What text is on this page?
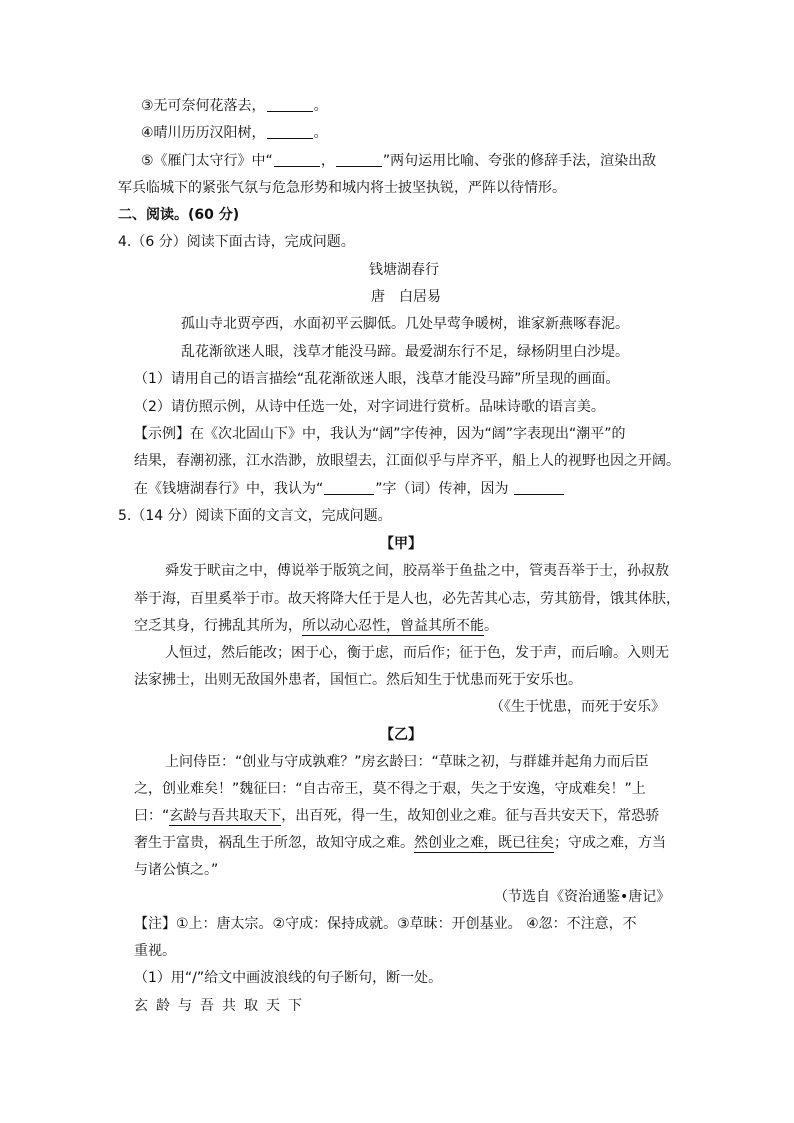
③无可奈何花落去，	。
④晴川历历汉阳树，	。
⑤《雁门太守行》中“	，	”两句运用比喻、夸张的修辞手法，渲染出敌
军兵临城下的紧张气氛与危急形势和城内将士披坚执锐，严阵以待情形。
二、阅读。(60 分)
4.（6 分）阅读下面古诗，完成问题。
钱塘湖春行
唐　白居易
孤山寺北贾亭西，水面初平云脚低。几处早莺争暖树，谁家新燕啄春泥。
乱花渐欲迷人眼，浅草才能没马蹄。最爱湖东行不足，绿杨阴里白沙堤。
（1）请用自己的语言描绘“乱花渐欲迷人眼，浅草才能没马蹄”所呈现的画面。
（2）请仿照示例，从诗中任选一处，对字词进行赏析。品味诗歌的语言美。
【示例】在《次北固山下》中，我认为“阔”字传神，因为“阔”字表现出“潮平”的
结果，春潮初涨，江水浩渺，放眼望去，江面似乎与岸齐平，船上人的视野也因之开阔。
在《钱塘湖春行》中，我认为“	”字（词）传神，因为
5.（14 分）阅读下面的文言文，完成问题。
【甲】
舜发于畎亩之中，傅说举于版筑之间，胶鬲举于鱼盐之中，管夷吾举于士，孙叔敖
举于海，百里奚举于市。故天将降大任于是人也，必先苦其心志，劳其筋骨，饿其体肤，
空乏其身，行拂乱其所为，所以动心忍性，曾益其所不能。
人恒过，然后能改；困于心，衡于虑，而后作；征于色，发于声，而后喻。入则无
法家拂士，出则无敌国外患者，国恒亡。然后知生于忧患而死于安乐也。
（《生于忧患，而死于安乐》
【乙】
上问侍臣：“创业与守成孰难？”房玄龄曰：“草昧之初，与群雄并起角力而后臣
之，创业难矣！”魏征曰：“自古帝王，莫不得之于艰，失之于安逸，守成难矣！”上
曰：“玄龄与吾共取天下，出百死，得一生，故知创业之难。征与吾共安天下，常恐骄
奢生于富贵，祸乱生于所忽，故知守成之难。然创业之难，既已往矣；守成之难，方当
与诸公慎之。”
（节选自《资治通鉴•唐记》
【注】①上：唐太宗。②守成：保持成就。③草昧：开创基业。 ④忽：不注意，不
重视。
（1）用“/”给文中画波浪线的句子断句，断一处。
玄 龄 与 吾 共 取 天 下
